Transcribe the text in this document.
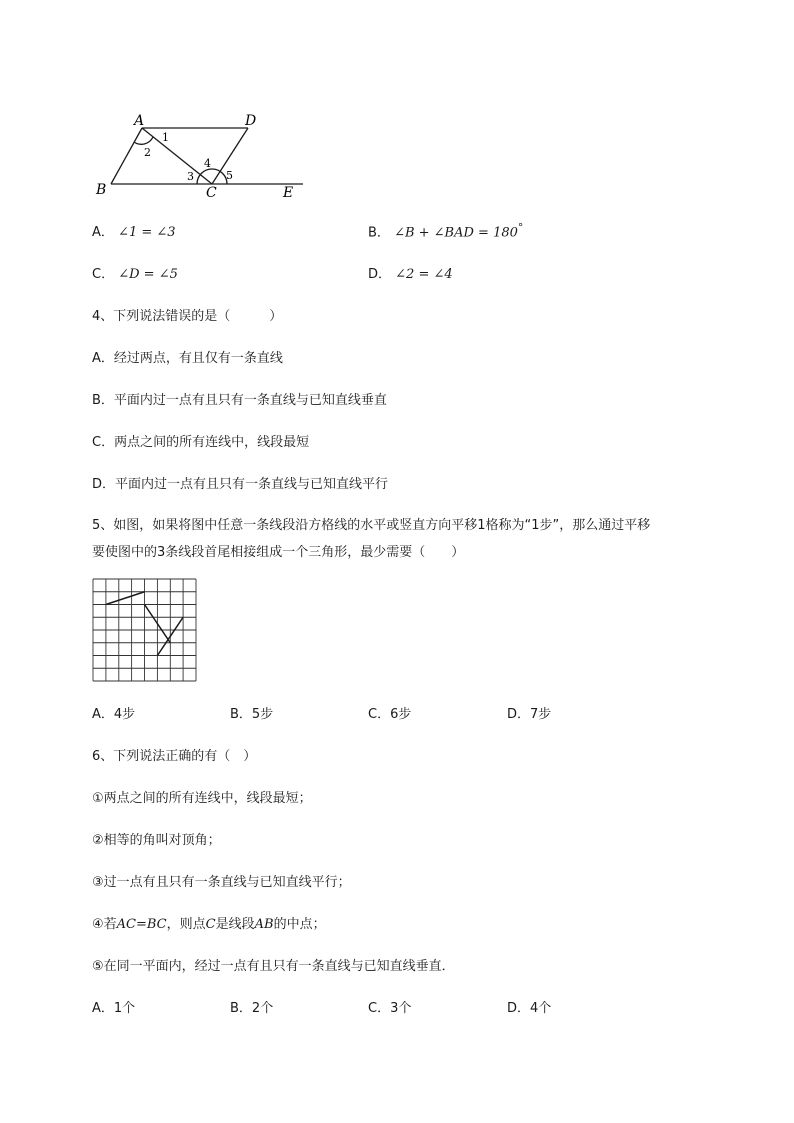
A	D
B	C	E
1
2
3
4
5
A． ∠1 = ∠3	B． ∠B + ∠BAD = 180°
C． ∠D = ∠5	D． ∠2 = ∠4
4、下列说法错误的是（　　　）
A．经过两点，有且仅有一条直线
B．平面内过一点有且只有一条直线与已知直线垂直
C．两点之间的所有连线中，线段最短
D．平面内过一点有且只有一条直线与已知直线平行
5、如图，如果将图中任意一条线段沿方格线的水平或竖直方向平移1格称为“1步”，那么通过平移
要使图中的3条线段首尾相接组成一个三角形，最少需要（　　）
A．4步	B．5步	C．6步	D．7步
6、下列说法正确的有（　）
①两点之间的所有连线中，线段最短；
②相等的角叫对顶角；
③过一点有且只有一条直线与已知直线平行；
④若AC=BC，则点C是线段AB的中点；
⑤在同一平面内，经过一点有且只有一条直线与已知直线垂直．
A．1个	B．2个	C．3个	D．4个
